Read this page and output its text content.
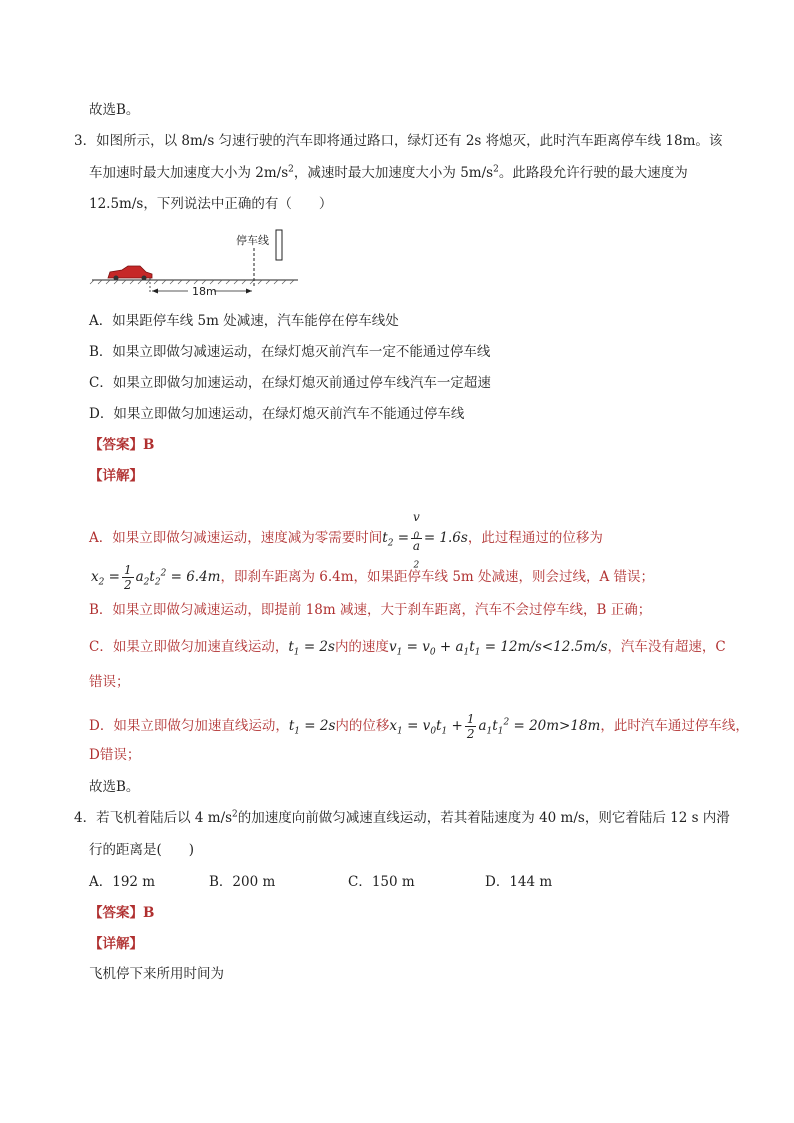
故选B。
3．如图所示，以 8m/s 匀速行驶的汽车即将通过路口，绿灯还有 2s 将熄灭，此时汽车距离停车线 18m。该
车加速时最大加速度大小为 $2m/s^2$，减速时最大加速度大小为 $5m/s^2$。此路段允许行驶的最大速度为
12.5m/s，下列说法中正确的有（　　）
停车线
18m
A．如果距停车线 5m 处减速，汽车能停在停车线处
B．如果立即做匀减速运动，在绿灯熄灭前汽车一定不能通过停车线
C．如果立即做匀加速运动，在绿灯熄灭前通过停车线汽车一定超速
D．如果立即做匀加速运动，在绿灯熄灭前汽车不能通过停车线
【答案】B
【详解】
A．如果立即做匀减速运动，速度减为零需要时间$t_2 = v$
$_0$
a
$_2$ = 1.6s，此过程通过的位移为
$x_2 = \frac{1}{2} a_2t_2^2 = 6.4m$，即刹车距离为 6.4m，如果距停车线 5m 处减速，则会过线，A 错误；
B．如果立即做匀减速运动，即提前 18m 减速，大于刹车距离，汽车不会过停车线，B 正确；
C．如果立即做匀加速直线运动，$t_1 = 2s$内的速度$v_1 = v_0 + a_1t_1 = 12m/s<12.5m/s$，汽车没有超速，C
错误；
D．如果立即做匀加速直线运动，$t_1 = 2s$内的位移$x_1 = v_0t_1 + \frac{1}{2} a_1t_1^2 = 20m>18m$，此时汽车通过停车线，
D错误；
故选B。
4．若飞机着陆后以 4 $m/s^2$的加速度向前做匀减速直线运动，若其着陆速度为 40 m/s，则它着陆后 12 s 内滑
行的距离是(　　)
A．192 m	B．200 m	C．150 m	D．144 m
【答案】B
【详解】
飞机停下来所用时间为
